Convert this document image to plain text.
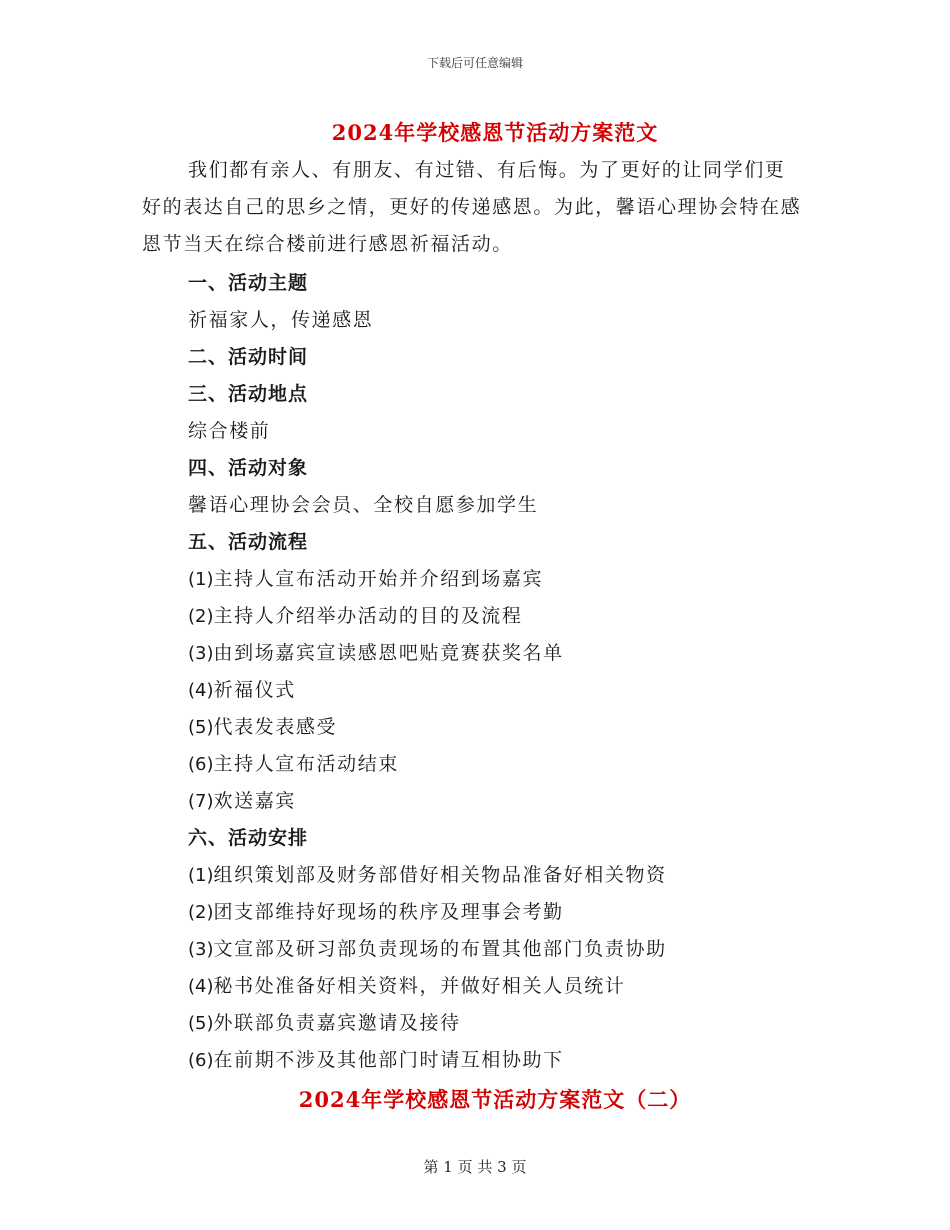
下载后可任意编辑
2024年学校感恩节活动方案范文

我们都有亲人、有朋友、有过错、有后悔。为了更好的让同学们更好的表达自己的思乡之情，更好的传递感恩。为此，馨语心理协会特在感恩节当天在综合楼前进行感恩祈福活动。

一、活动主题
祈福家人，传递感恩
二、活动时间
三、活动地点
综合楼前
四、活动对象
馨语心理协会会员、全校自愿参加学生
五、活动流程
(1)主持人宣布活动开始并介绍到场嘉宾
(2)主持人介绍举办活动的目的及流程
(3)由到场嘉宾宣读感恩吧贴竟赛获奖名单
(4)祈福仪式
(5)代表发表感受
(6)主持人宣布活动结束
(7)欢送嘉宾
六、活动安排
(1)组织策划部及财务部借好相关物品准备好相关物资
(2)团支部维持好现场的秩序及理事会考勤
(3)文宣部及研习部负责现场的布置其他部门负责协助
(4)秘书处准备好相关资料，并做好相关人员统计
(5)外联部负责嘉宾邀请及接待
(6)在前期不涉及其他部门时请互相协助下
2024年学校感恩节活动方案范文（二）
第 1 页 共 3 页
